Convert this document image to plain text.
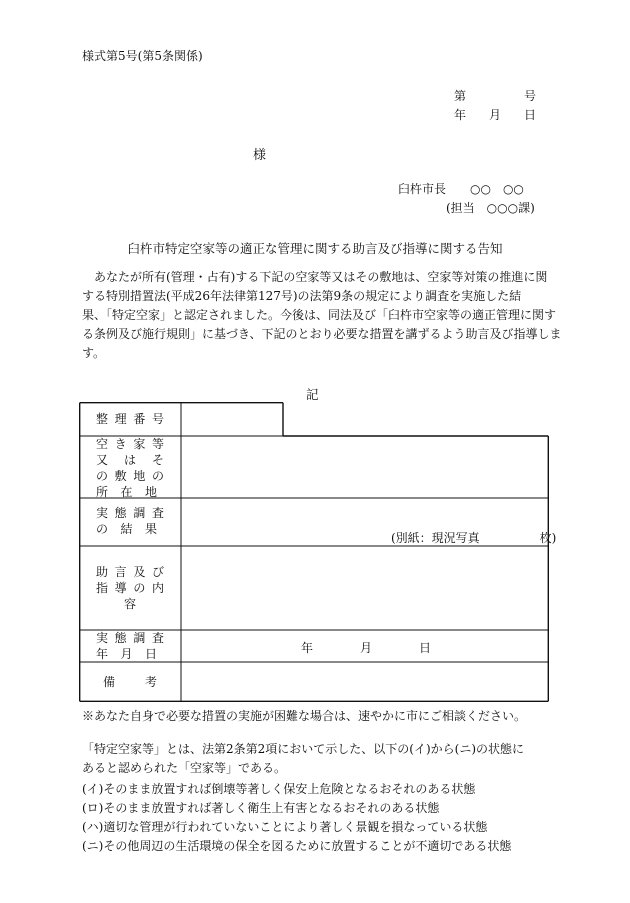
様式第5号(第5条関係)
第	号
年 月 日
様
臼杵市長　　○○　○○
(担当　○○○課)
臼杵市特定空家等の適正な管理に関する助言及び指導に関する告知
　あなたが所有(管理・占有)する下記の空家等又はその敷地は、空家等対策の推進に関
する特別措置法(平成26年法律第127号)の法第9条の規定により調査を実施した結
果、「特定空家」と認定されました。今後は、同法及び「臼杵市空家等の適正管理に関す
る条例及び施行規則」に基づき、下記のとおり必要な措置を講ずるよう助言及び指導しま
す。
記
整 理 番 号
空 き 家 等
又 は そ
の 敷 地 の
所 在 地
実 態 調 査
の 結 果
(別紙：現況写真　　　　　枚)
助 言 及 び
指 導 の 内
容
実 態 調 査
年 月 日	年	月	日
備 考
※あなた自身で必要な措置の実施が困難な場合は、速やかに市にご相談ください。
「特定空家等」とは、法第2条第2項において示した、以下の(イ)から(ニ)の状態に
あると認められた「空家等」である。
(イ)そのまま放置すれば倒壊等著しく保安上危険となるおそれのある状態
(ロ)そのまま放置すれば著しく衛生上有害となるおそれのある状態
(ハ)適切な管理が行われていないことにより著しく景観を損なっている状態
(ニ)その他周辺の生活環境の保全を図るために放置することが不適切である状態
